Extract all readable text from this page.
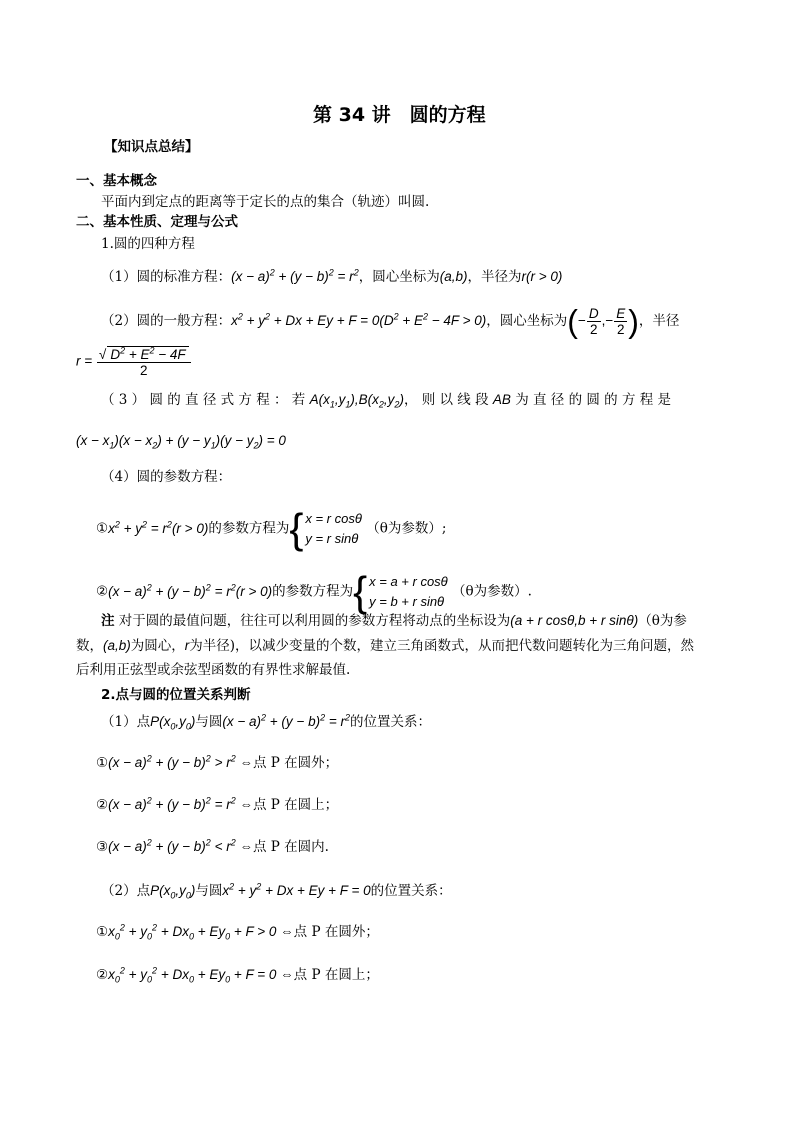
第 34 讲　圆的方程
【知识点总结】
一、基本概念
平面内到定点的距离等于定长的点的集合（轨迹）叫圆.
二、基本性质、定理与公式
1.圆的四种方程
（1）圆的标准方程：$(x - a)^2 + (y - b)^2 = r^2$，圆心坐标为(a,b)，半径为r(r > 0)
（2）圆的一般方程：$x^2 + y^2 + Dx + Ey + F = 0(D^2 + E^2 - 4F > 0)$，圆心坐标为(− $\frac{D}{2}$ ,− $\frac{E}{2}$ )，半径
$r = \frac{√ D^2 + E^2 - 4F}{2}$
（ 3 ） 圆 的 直 径 式 方 程 ： 若 $A(x_1,y_1),B(x_2,y_2)$， 则 以 线 段 AB 为 直 径 的 圆 的 方 程 是
$(x - x_1)(x - x_2) + (y - y_1)(y - y_2) = 0$
（4）圆的参数方程：
$①x^2 + y^2 = r^2(r > 0)$的参数方程为 { x = r cosθ
y = r sinθ
（θ为参数）;
②(x − $a)^2 + (y - b)^2 = r^2(r > 0)$的参数方程为 { x = a + r cosθ
y = b + r sinθ
（θ为参数）.
注 对于圆的最值问题，往往可以利用圆的参数方程将动点的坐标设为(a + r cosθ,b + r sinθ)（θ为参
数，(a,b)为圆心，r为半径)，以减少变量的个数，建立三角函数式，从而把代数问题转化为三角问题，然
后利用正弦型或余弦型函数的有界性求解最值.
2.点与圆的位置关系判断
（1）点$P(x_0,y_0)$与圆$(x - a)^2 + (y - b)^2 = r^2$的位置关系：
①(x − $a)^2 + (y - b)^2 > r^2$ ⇔点 P 在圆外；
②(x − $a)^2 + (y - b)^2 = r^2$ ⇔点 P 在圆上；
③(x − $a)^2 + (y - b)^2 < r^2$ ⇔点 P 在圆内.
（2）点$P(x_0,y_0)$与圆$x^2 + y^2 + Dx + Ey + F = 0$的位置关系：
$①x_0^2 + y_0^2 + Dx_0 + Ey_0 + F > 0$ ⇔点 P 在圆外；
$②x_0^2 + y_0^2 + Dx_0 + Ey_0 + F = 0$ ⇔点 P 在圆上；
